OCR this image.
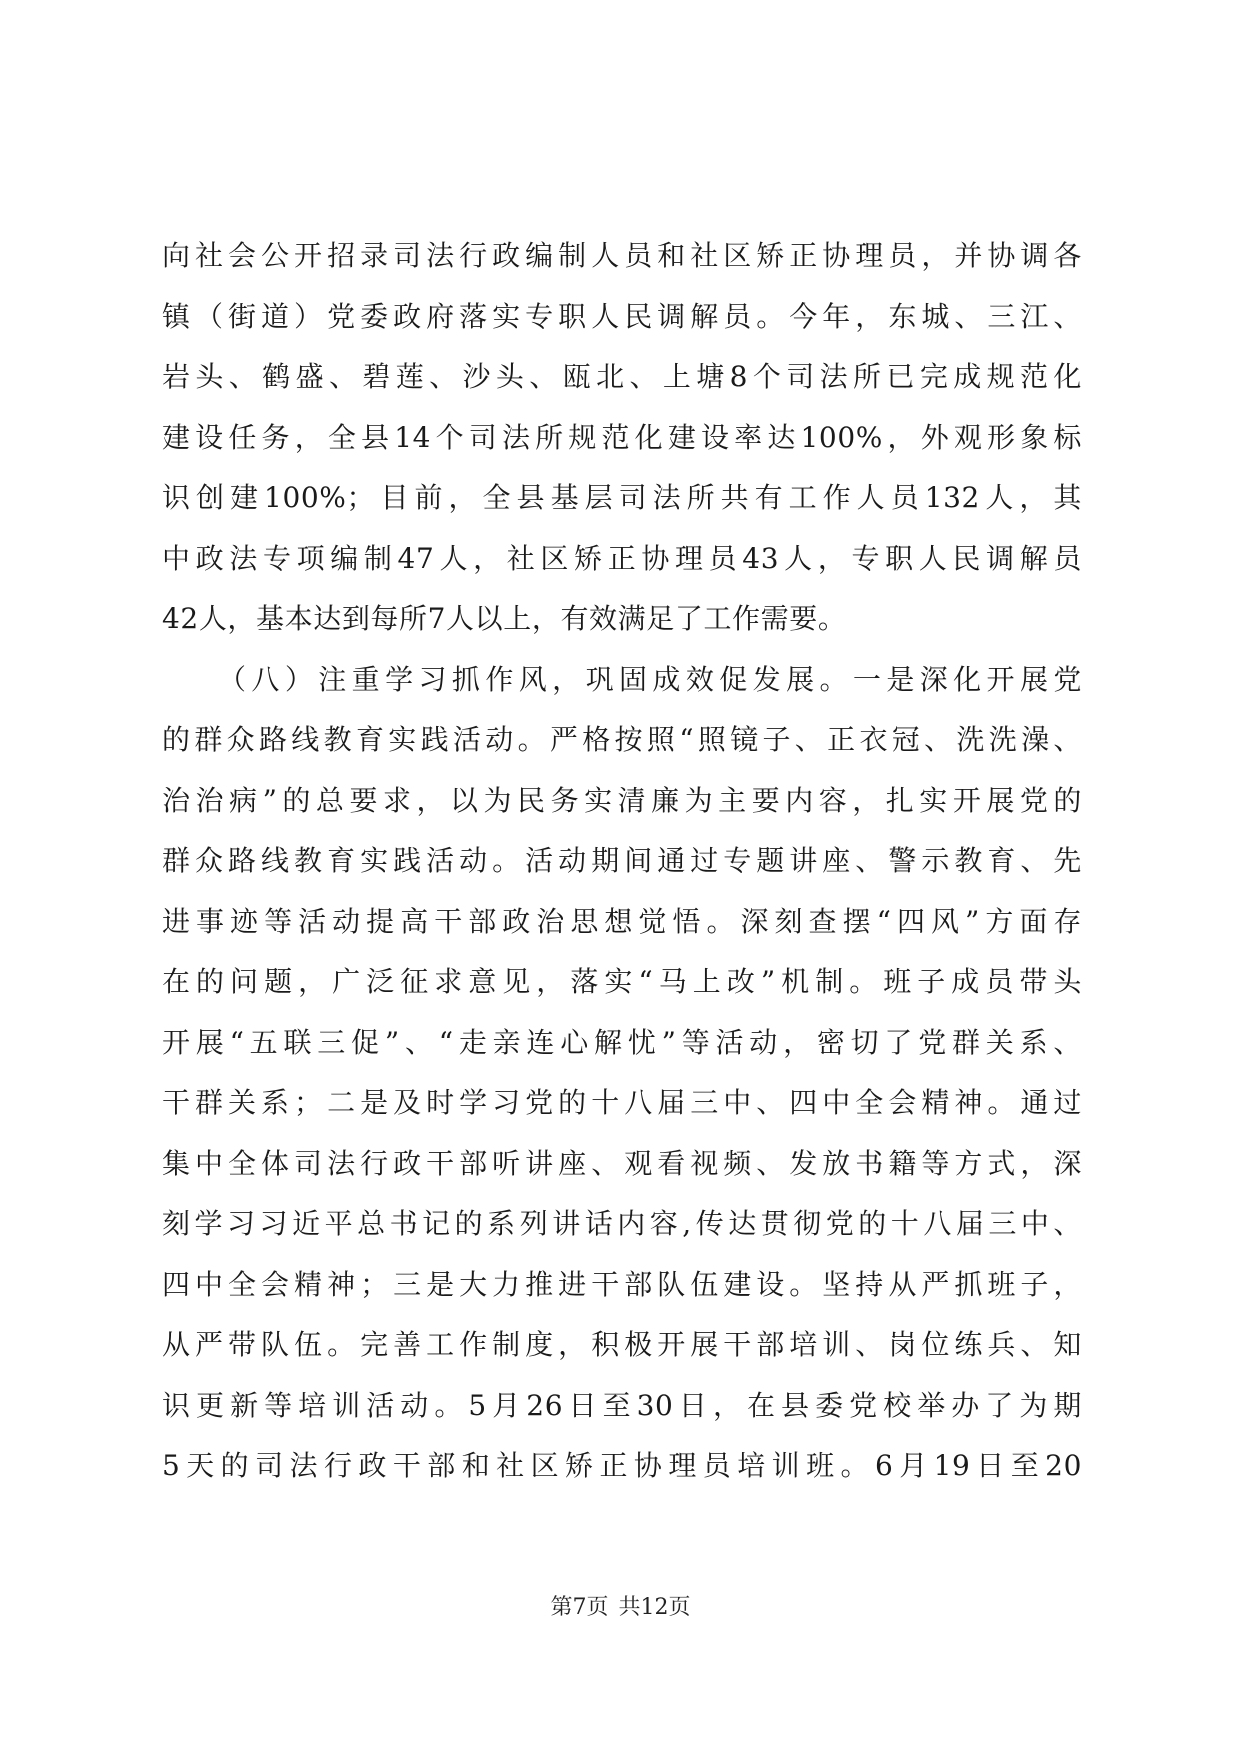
向社会公开招录司法行政编制人员和社区矫正协理员，并协调各
镇（街道）党委政府落实专职人民调解员。今年，东城、三江、
岩头、鹤盛、碧莲、沙头、瓯北、上塘8个司法所已完成规范化
建设任务，全县14个司法所规范化建设率达100%，外观形象标
识创建100%；目前，全县基层司法所共有工作人员132人，其
中政法专项编制47人，社区矫正协理员43人，专职人民调解员
42人，基本达到每所7人以上，有效满足了工作需要。
（八）注重学习抓作风，巩固成效促发展。一是深化开展党
的群众路线教育实践活动。严格按照“照镜子、正衣冠、洗洗澡、
治治病”的总要求，以为民务实清廉为主要内容，扎实开展党的
群众路线教育实践活动。活动期间通过专题讲座、警示教育、先
进事迹等活动提高干部政治思想觉悟。深刻查摆“四风”方面存
在的问题，广泛征求意见，落实“马上改”机制。班子成员带头
开展“五联三促”、“走亲连心解忧”等活动，密切了党群关系、
干群关系；二是及时学习党的十八届三中、四中全会精神。通过
集中全体司法行政干部听讲座、观看视频、发放书籍等方式，深
刻学习习近平总书记的系列讲话内容,传达贯彻党的十八届三中、
四中全会精神；三是大力推进干部队伍建设。坚持从严抓班子，
从严带队伍。完善工作制度，积极开展干部培训、岗位练兵、知
识更新等培训活动。5月26日至30日，在县委党校举办了为期
5天的司法行政干部和社区矫正协理员培训班。6月19日至20
第7页 共12页
